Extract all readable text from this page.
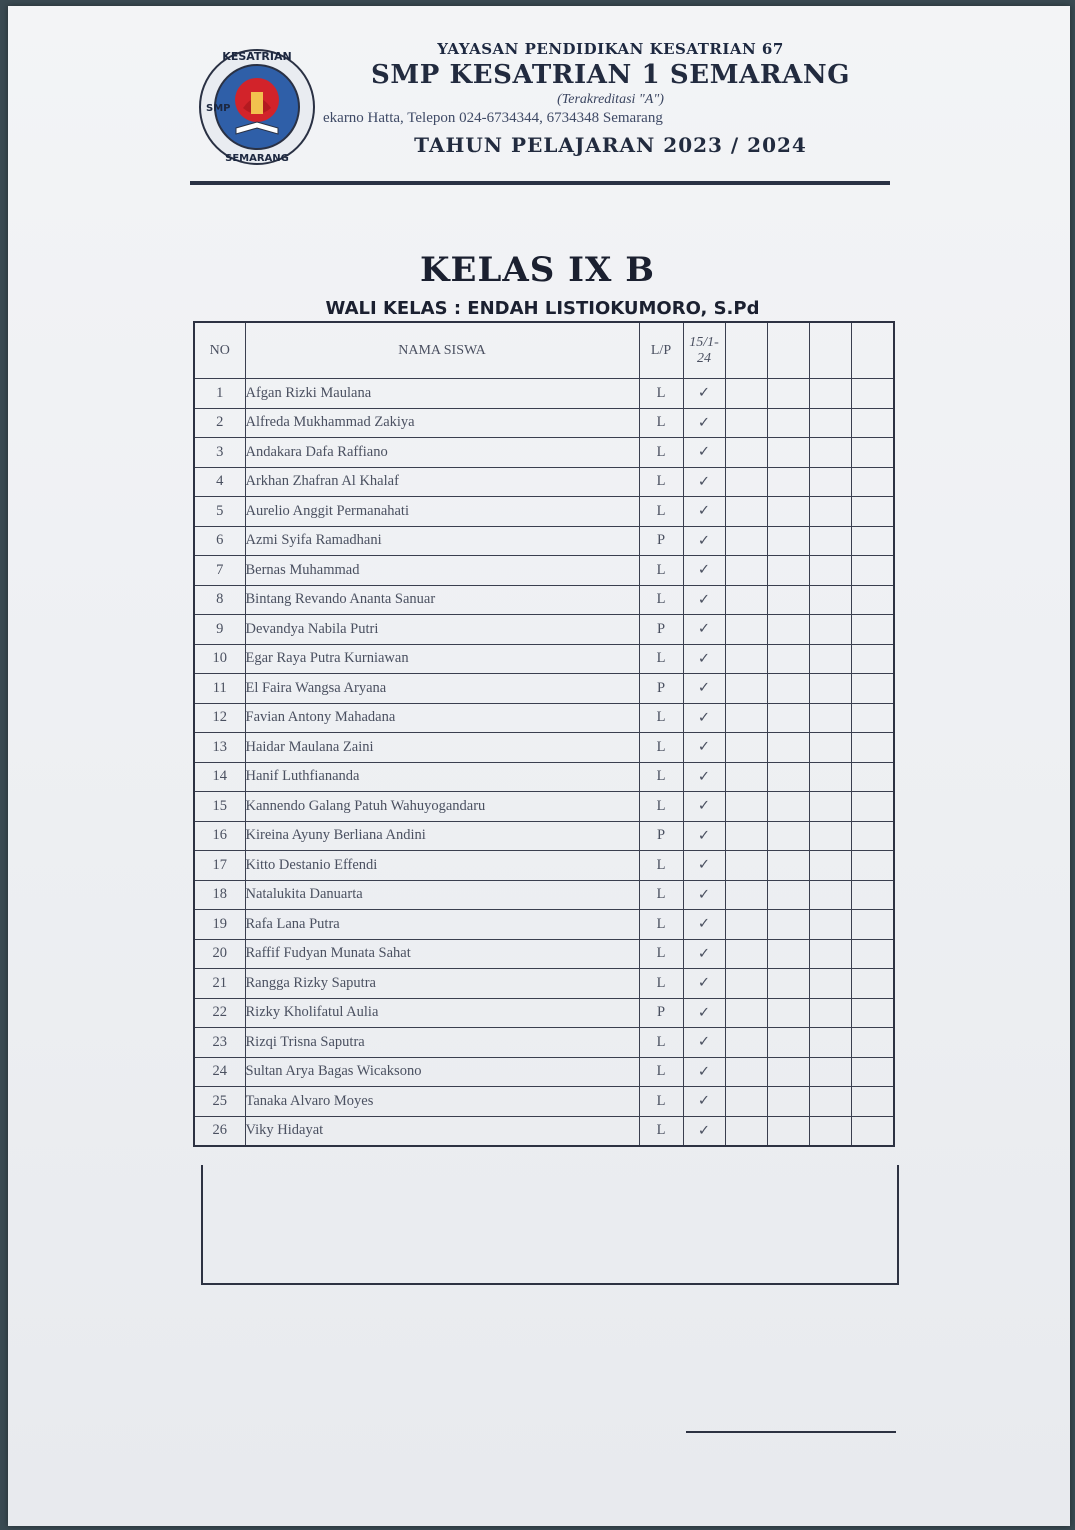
KESATRIAN
SEMARANG
SMP
YAYASAN PENDIDIKAN KESATRIAN 67
SMP KESATRIAN 1 SEMARANG
(Terakreditasi "A")
ekarno Hatta, Telepon 024-6734344, 6734348 Semarang
TAHUN PELAJARAN 2023 / 2024
KELAS IX B
WALI KELAS : ENDAH LISTIOKUMORO, S.Pd
NO	NAMA SISWA	L/P	15/1-24				
1	Afgan Rizki Maulana	L	✓				
2	Alfreda Mukhammad Zakiya	L	✓				
3	Andakara Dafa Raffiano	L	✓				
4	Arkhan Zhafran Al Khalaf	L	✓				
5	Aurelio Anggit Permanahati	L	✓				
6	Azmi Syifa Ramadhani	P	✓				
7	Bernas Muhammad	L	✓				
8	Bintang Revando Ananta Sanuar	L	✓				
9	Devandya Nabila Putri	P	✓				
10	Egar Raya Putra Kurniawan	L	✓				
11	El Faira Wangsa Aryana	P	✓				
12	Favian Antony Mahadana	L	✓				
13	Haidar Maulana Zaini	L	✓				
14	Hanif Luthfiananda	L	✓				
15	Kannendo Galang Patuh Wahuyogandaru	L	✓				
16	Kireina Ayuny Berliana Andini	P	✓				
17	Kitto Destanio Effendi	L	✓				
18	Natalukita Danuarta	L	✓				
19	Rafa Lana Putra	L	✓				
20	Raffif Fudyan Munata Sahat	L	✓				
21	Rangga Rizky Saputra	L	✓				
22	Rizky Kholifatul Aulia	P	✓				
23	Rizqi Trisna Saputra	L	✓				
24	Sultan Arya Bagas Wicaksono	L	✓				
25	Tanaka Alvaro Moyes	L	✓				
26	Viky Hidayat	L	✓				
